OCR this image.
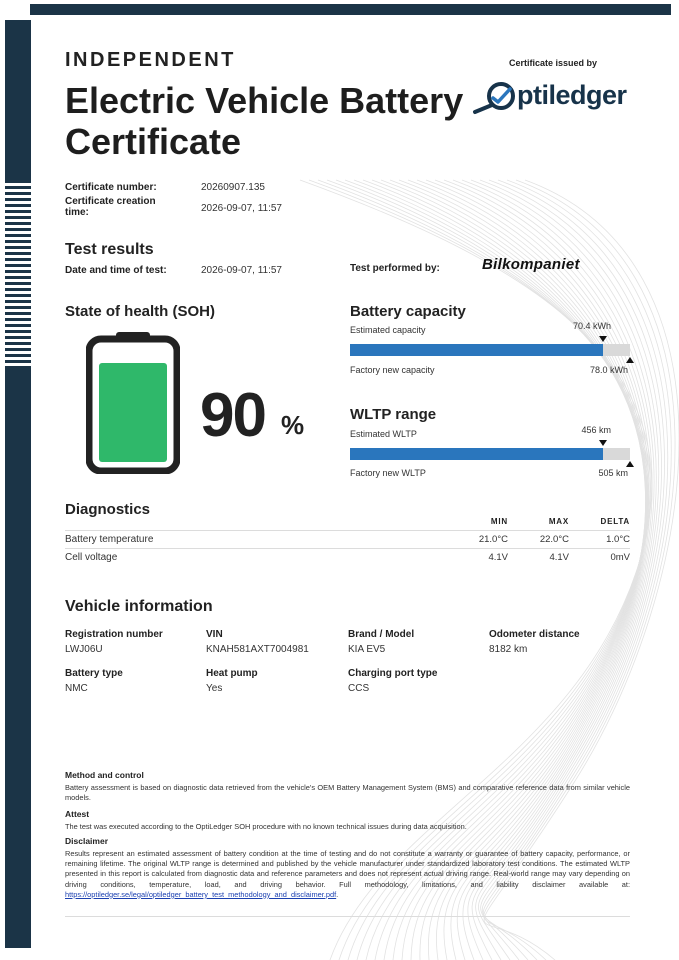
INDEPENDENT
Electric Vehicle Battery Certificate
Certificate issued by
ptiledger
Certificate number:	20260907.135
Certificate creation time:	2026-09-07, 11:57
Test results
Date and time of test:	2026-09-07, 11:57	Test performed by:	Bilkompaniet
State of health (SOH)
90 %
Battery capacity
Estimated capacity	70.4 kWh
Factory new capacity	78.0 kWh
WLTP range
Estimated WLTP	456 km
Factory new WLTP	505 km
Diagnostics
MIN	MAX	DELTA
Battery temperature	21.0°C	22.0°C	1.0°C
Cell voltage	4.1V	4.1V	0mV
Vehicle information
Registration number
LWJ06U
VIN
KNAH581AXT7004981
Brand / Model
KIA EV5
Odometer distance
8182 km
Battery type
NMC
Heat pump
Yes
Charging port type
CCS
Method and control
Battery assessment is based on diagnostic data retrieved from the vehicle's OEM Battery Management System (BMS) and comparative reference data from similar vehicle models.
Attest
The test was executed according to the OptiLedger SOH procedure with no known technical issues during data acquisition.
Disclaimer
Results represent an estimated assessment of battery condition at the time of testing and do not constitute a warranty or guarantee of battery capacity, performance, or remaining lifetime. The original WLTP range is determined and published by the vehicle manufacturer under standardized laboratory test conditions. The estimated WLTP presented in this report is calculated from diagnostic data and reference parameters and does not represent actual driving range. Real-world range may vary depending on driving conditions, temperature, load, and driving behavior. Full methodology, limitations, and liability disclaimer available at: https://optiledger.se/legal/optiledger_battery_test_methodology_and_disclaimer.pdf.
